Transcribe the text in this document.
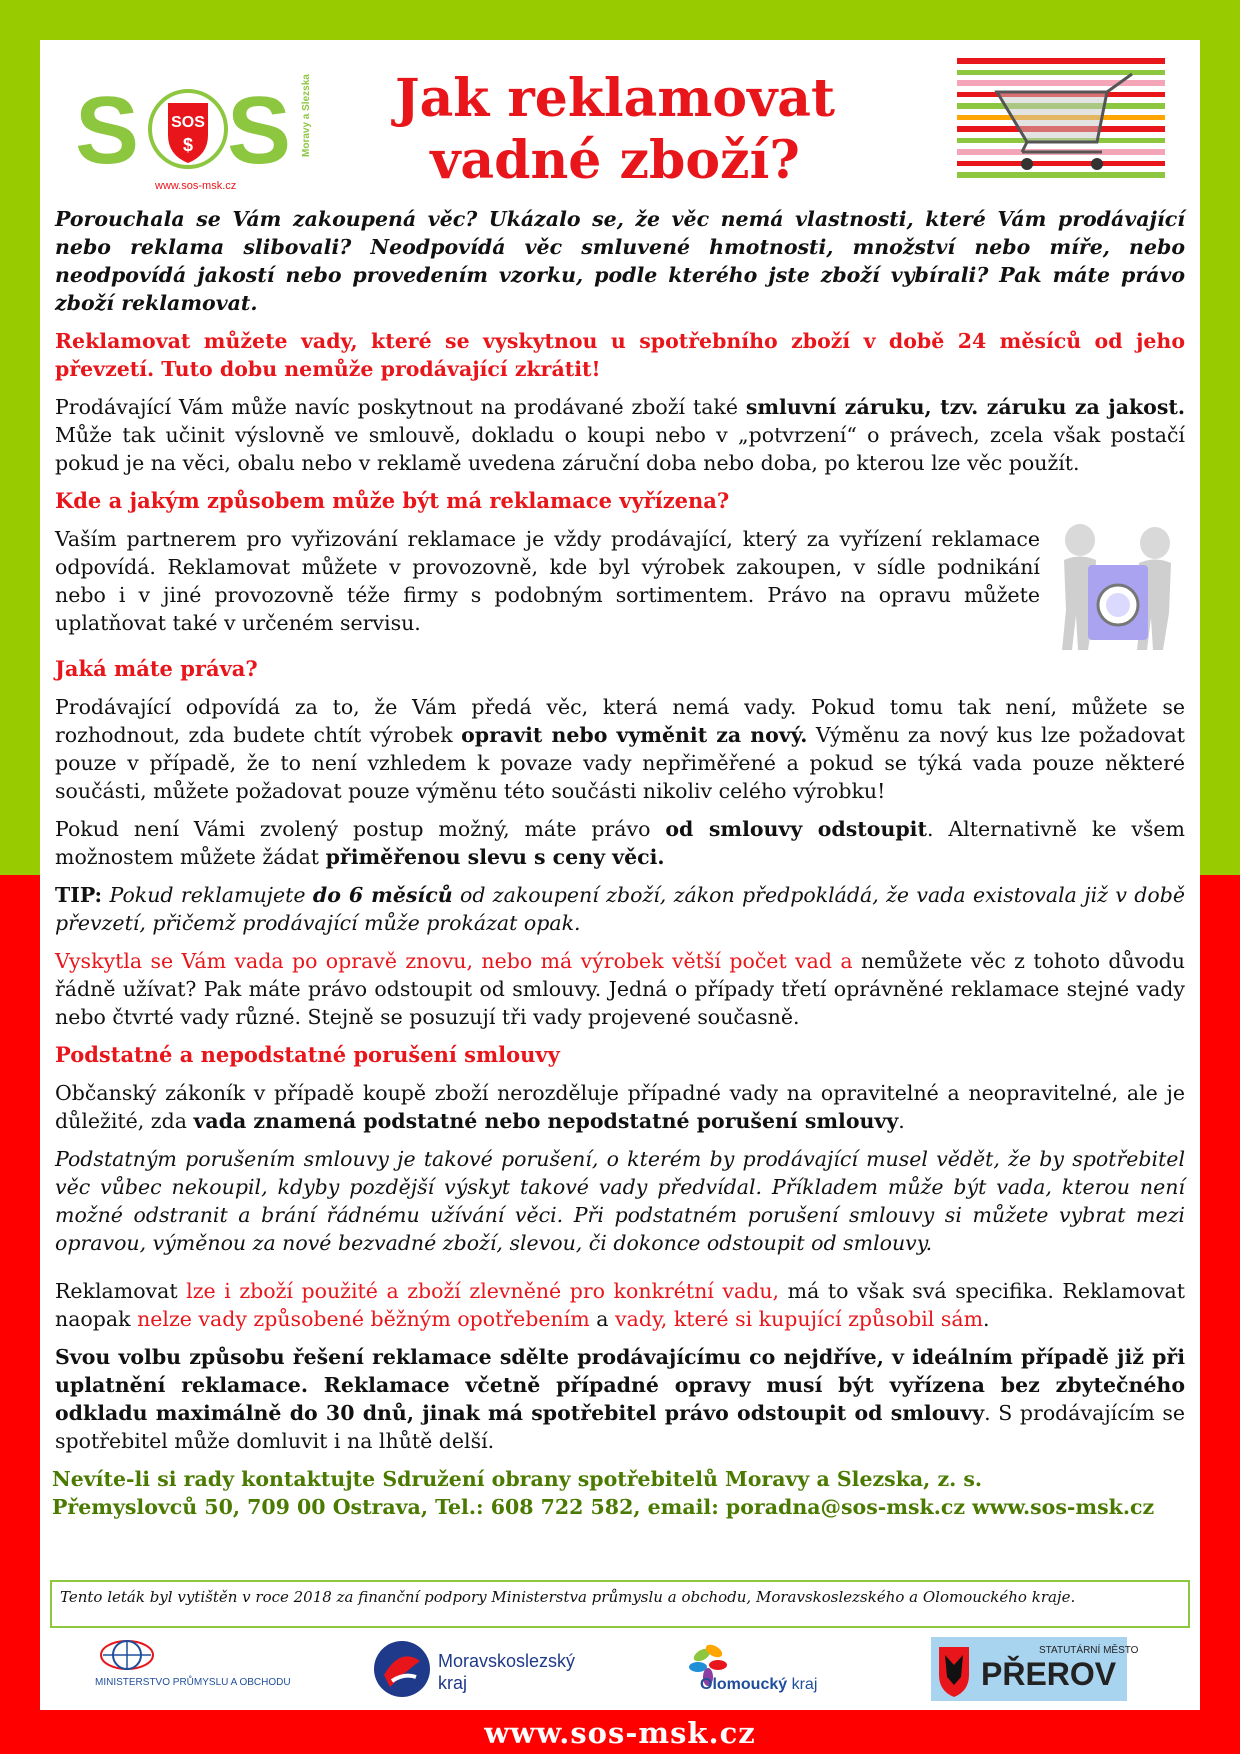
S SOS
$ S Moravy a Slezska
www.sos-msk.cz
Jak reklamovat
vadné zboží?

Porouchala se Vám zakoupená věc? Ukázalo se, že věc nemá vlastnosti, které Vám prodávající nebo reklama slibovali? Neodpovídá věc smluvené hmotnosti, množství nebo míře, nebo neodpovídá jakostí nebo provedením vzorku, podle kterého jste zboží vybírali? Pak máte právo zboží reklamovat.

Reklamovat můžete vady, které se vyskytnou u spotřebního zboží v době 24 měsíců od jeho převzetí. Tuto dobu nemůže prodávající zkrátit!

Prodávající Vám může navíc poskytnout na prodávané zboží také smluvní záruku, tzv. záruku za jakost. Může tak učinit výslovně ve smlouvě, dokladu o koupi nebo v „potvrzení“ o právech, zcela však postačí pokud je na věci, obalu nebo v reklamě uvedena záruční doba nebo doba, po kterou lze věc použít.

Kde a jakým způsobem může být má reklamace vyřízena?

Vaším partnerem pro vyřizování reklamace je vždy prodávající, který za vyřízení reklamace odpovídá. Reklamovat můžete v provozovně, kde byl výrobek zakoupen, v sídle podnikání nebo i v jiné provozovně téže firmy s podobným sortimentem. Právo na opravu můžete uplatňovat také v určeném servisu.

Jaká máte práva?

Prodávající odpovídá za to, že Vám předá věc, která nemá vady. Pokud tomu tak není, můžete se rozhodnout, zda budete chtít výrobek opravit nebo vyměnit za nový. Výměnu za nový kus lze požadovat pouze v případě, že to není vzhledem k povaze vady nepřiměřené a pokud se týká vada pouze některé součásti, můžete požadovat pouze výměnu této součásti nikoliv celého výrobku!

Pokud není Vámi zvolený postup možný, máte právo od smlouvy odstoupit. Alternativně ke všem možnostem můžete žádat přiměřenou slevu s ceny věci.

TIP: Pokud reklamujete do 6 měsíců od zakoupení zboží, zákon předpokládá, že vada existovala již v době převzetí, přičemž prodávající může prokázat opak.

Vyskytla se Vám vada po opravě znovu, nebo má výrobek větší počet vad a nemůžete věc z tohoto důvodu řádně užívat? Pak máte právo odstoupit od smlouvy. Jedná o případy třetí oprávněné reklamace stejné vady nebo čtvrté vady různé. Stejně se posuzují tři vady projevené současně.

Podstatné a nepodstatné porušení smlouvy

Občanský zákoník v případě koupě zboží nerozděluje případné vady na opravitelné a neopravitelné, ale je důležité, zda vada znamená podstatné nebo nepodstatné porušení smlouvy.

Podstatným porušením smlouvy je takové porušení, o kterém by prodávající musel vědět, že by spotřebitel věc vůbec nekoupil, kdyby pozdější výskyt takové vady předvídal. Příkladem může být vada, kterou není možné odstranit a brání řádnému užívání věci. Při podstatném porušení smlouvy si můžete vybrat mezi opravou, výměnou za nové bezvadné zboží, slevou, či dokonce odstoupit od smlouvy.

Reklamovat lze i zboží použité a zboží zlevněné pro konkrétní vadu, má to však svá specifika. Reklamovat naopak nelze vady způsobené běžným opotřebením a vady, které si kupující způsobil sám.

Svou volbu způsobu řešení reklamace sdělte prodávajícímu co nejdříve, v ideálním případě již při uplatnění reklamace. Reklamace včetně případné opravy musí být vyřízena bez zbytečného odkladu maximálně do 30 dnů, jinak má spotřebitel právo odstoupit od smlouvy. S prodávajícím se spotřebitel může domluvit i na lhůtě delší.

Nevíte-li si rady kontaktujte Sdružení obrany spotřebitelů Moravy a Slezska, z. s.
Přemyslovců 50, 709 00 Ostrava, Tel.: 608 722 582, email: poradna@sos-msk.cz www.sos-msk.cz
Tento leták byl vytištěn v roce 2018 za finanční podpory Ministerstva průmyslu a obchodu, Moravskoslezského a Olomouckého kraje.
MINISTERSTVO PRŮMYSLU A OBCHODU
Moravskoslezský
kraj	Olomoucký kraj
STATUTÁRNÍ MĚSTO
PŘEROV
www.sos-msk.cz
